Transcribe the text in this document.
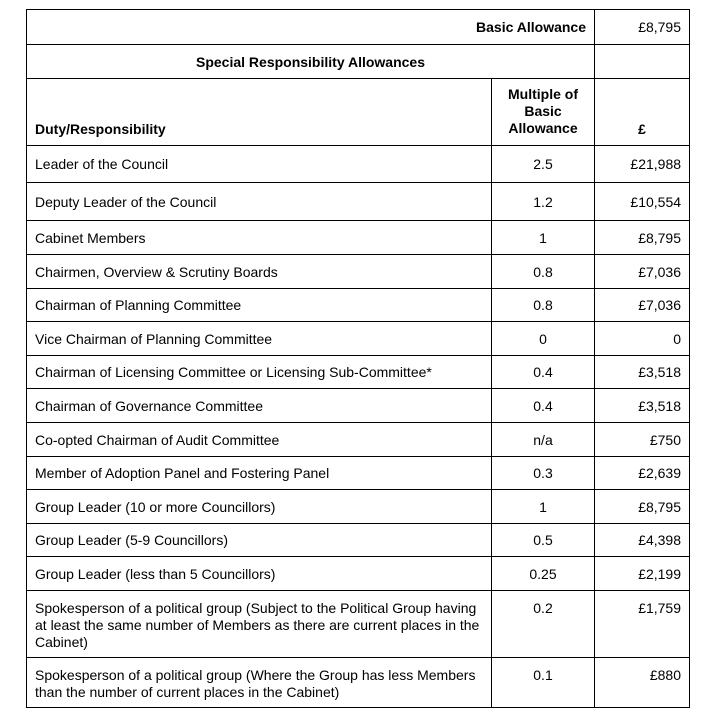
Basic Allowance		£8,795
Special Responsibility Allowances		
Duty/Responsibility	Multiple of Basic Allowance	£
Leader of the Council	2.5	£21,988
Deputy Leader of the Council	1.2	£10,554
Cabinet Members	1	£8,795
Chairmen, Overview & Scrutiny Boards	0.8	£7,036
Chairman of Planning Committee	0.8	£7,036
Vice Chairman of Planning Committee	0	0
Chairman of Licensing Committee or Licensing Sub-Committee*	0.4	£3,518
Chairman of Governance Committee	0.4	£3,518
Co-opted Chairman of Audit Committee	n/a	£750
Member of Adoption Panel and Fostering Panel	0.3	£2,639
Group Leader (10 or more Councillors)	1	£8,795
Group Leader (5-9 Councillors)	0.5	£4,398
Group Leader (less than 5 Councillors)	0.25	£2,199
Spokesperson of a political group (Subject to the Political Group having at least the same number of Members as there are current places in the Cabinet)	0.2	£1,759
Spokesperson of a political group (Where the Group has less Members than the number of current places in the Cabinet)	0.1	£880
